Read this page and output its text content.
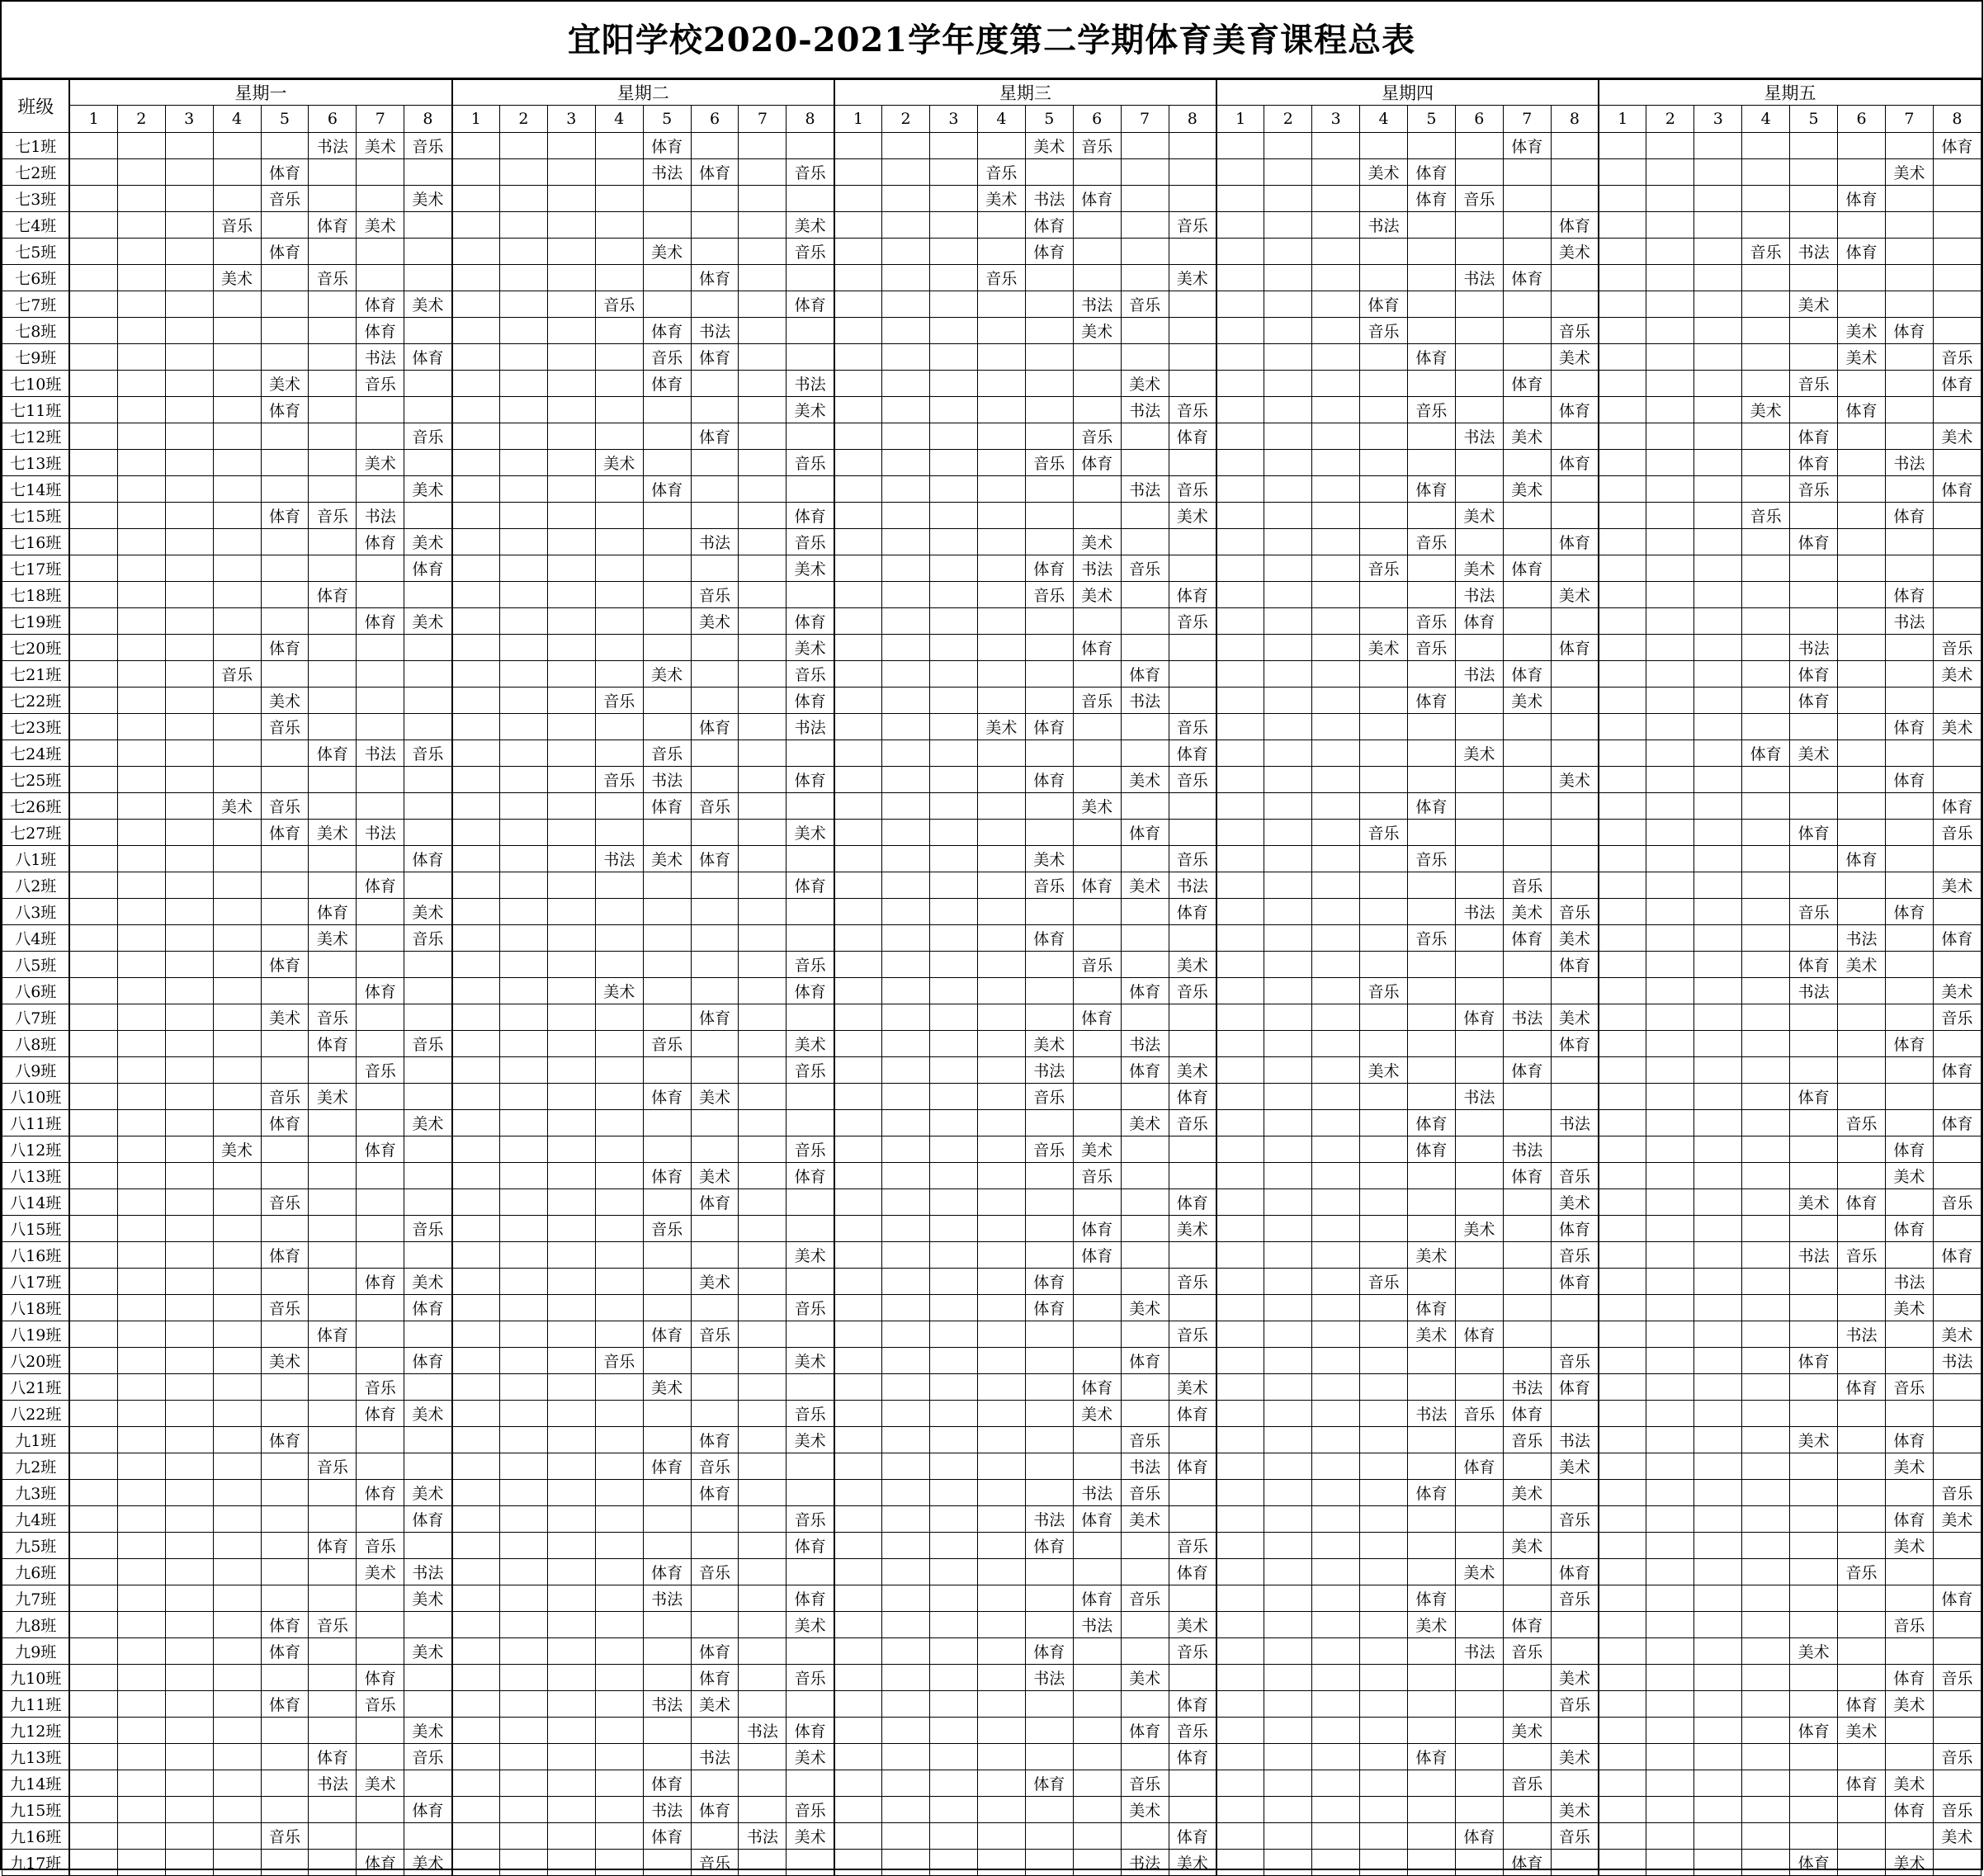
宜阳学校2020-2021学年度第二学期体育美育课程总表
班级	星期一								星期二								星期三								星期四								星期五							
	1	2	3	4	5	6	7	8	1	2	3	4	5	6	7	8	1	2	3	4	5	6	7	8	1	2	3	4	5	6	7	8	1	2	3	4	5	6	7	8
七1班						书法	美术	音乐					体育								美术	音乐									体育									体育
七2班					体育								书法	体育		音乐				音乐								美术	体育										美术	
七3班					音乐			美术												美术	书法	体育							体育	音乐								体育		
七4班				音乐		体育	美术									美术					体育			音乐				书法				体育								
七5班					体育								美术			音乐					体育											美术				音乐	书法	体育		
七6班				美术		音乐								体育						音乐				美术						书法	体育									
七7班							体育	美术				音乐				体育						书法	音乐					体育									美术			
七8班							体育						体育	书法								美术						音乐				音乐						美术	体育	
七9班							书法	体育					音乐	体育															体育			美术						美术		音乐
七10班					美术		音乐						体育			书法							美术								体育						音乐			体育
七11班					体育											美术							书法	音乐					音乐			体育				美术		体育		
七12班								音乐						体育								音乐		体育						书法	美术						体育			美术
七13班							美术					美术				音乐					音乐	体育										体育					体育		书法	
七14班								美术					体育										书法	音乐					体育		美术						音乐			体育
七15班					体育	音乐	书法									体育								美术						美术						音乐			体育	
七16班							体育	美术						书法		音乐						美术							音乐			体育					体育			
七17班								体育								美术					体育	书法	音乐					音乐		美术	体育									
七18班						体育								音乐							音乐	美术		体育						书法		美术							体育	
七19班							体育	美术						美术		体育								音乐					音乐	体育									书法	
七20班					体育											美术						体育						美术	音乐			体育					书法			音乐
七21班				音乐									美术			音乐							体育							书法	体育						体育			美术
七22班					美术							音乐				体育						音乐	书法						体育		美术						体育			
七23班					音乐									体育		书法				美术	体育			音乐															体育	美术
七24班						体育	书法	音乐					音乐											体育						美术						体育	美术			
七25班												音乐	书法			体育					体育		美术	音乐								美术							体育	
七26班				美术	音乐								体育	音乐								美术							体育											体育
七27班					体育	美术	书法									美术							体育					音乐									体育			音乐
八1班								体育				书法	美术	体育							美术			音乐					音乐									体育		
八2班							体育									体育					音乐	体育	美术	书法							音乐									美术
八3班						体育		美术																体育						书法	美术	音乐					音乐		体育	
八4班						美术		音乐													体育								音乐		体育	美术						书法		体育
八5班					体育											音乐						音乐		美术								体育					体育	美术		
八6班							体育					美术				体育							体育	音乐				音乐									书法			美术
八7班					美术	音乐								体育								体育								体育	书法	美术								音乐
八8班						体育		音乐					音乐			美术					美术		书法									体育							体育	
八9班							音乐									音乐					书法		体育	美术				美术			体育									体育
八10班					音乐	美术							体育	美术							音乐			体育						书法							体育			
八11班					体育			美术															美术	音乐					体育			书法						音乐		体育
八12班				美术			体育									音乐					音乐	美术							体育		书法								体育	
八13班													体育	美术		体育						音乐									体育	音乐							美术	
八14班					音乐									体育										体育								美术					美术	体育		音乐
八15班								音乐					音乐									体育		美术						美术		体育							体育	
八16班					体育											美术						体育							美术			音乐					书法	音乐		体育
八17班							体育	美术						美术							体育			音乐				音乐				体育							书法	
八18班					音乐			体育								音乐					体育		美术						体育										美术	
八19班						体育							体育	音乐										音乐					美术	体育								书法		美术
八20班					美术			体育				音乐				美术							体育									音乐					体育			书法
八21班							音乐						美术									体育		美术							书法	体育						体育	音乐	
八22班							体育	美术								音乐						美术		体育					书法	音乐	体育									
九1班					体育									体育		美术							音乐								音乐	书法					美术		体育	
九2班						音乐							体育	音乐									书法	体育						体育		美术							美术	
九3班							体育	美术						体育								书法	音乐						体育		美术									音乐
九4班								体育								音乐					书法	体育	美术									音乐							体育	美术
九5班						体育	音乐									体育					体育			音乐							美术								美术	
九6班							美术	书法					体育	音乐										体育						美术		体育						音乐		
九7班								美术					书法			体育						体育	音乐						体育			音乐								体育
九8班					体育	音乐										美术						书法		美术					美术		体育								音乐	
九9班					体育			美术						体育							体育			音乐						书法	音乐						美术			
九10班							体育							体育		音乐					书法		美术									美术							体育	音乐
九11班					体育		音乐						书法	美术										体育								音乐						体育	美术	
九12班								美术							书法	体育							体育	音乐							美术						体育	美术		
九13班						体育		音乐						书法		美术								体育					体育			美术								音乐
九14班						书法	美术						体育								体育		音乐								音乐							体育	美术	
九15班								体育					书法	体育		音乐							美术									美术							体育	音乐
九16班					音乐								体育		书法	美术								体育						体育		音乐								美术
九17班							体育	美术						音乐									书法	美术							体育						体育		美术	
